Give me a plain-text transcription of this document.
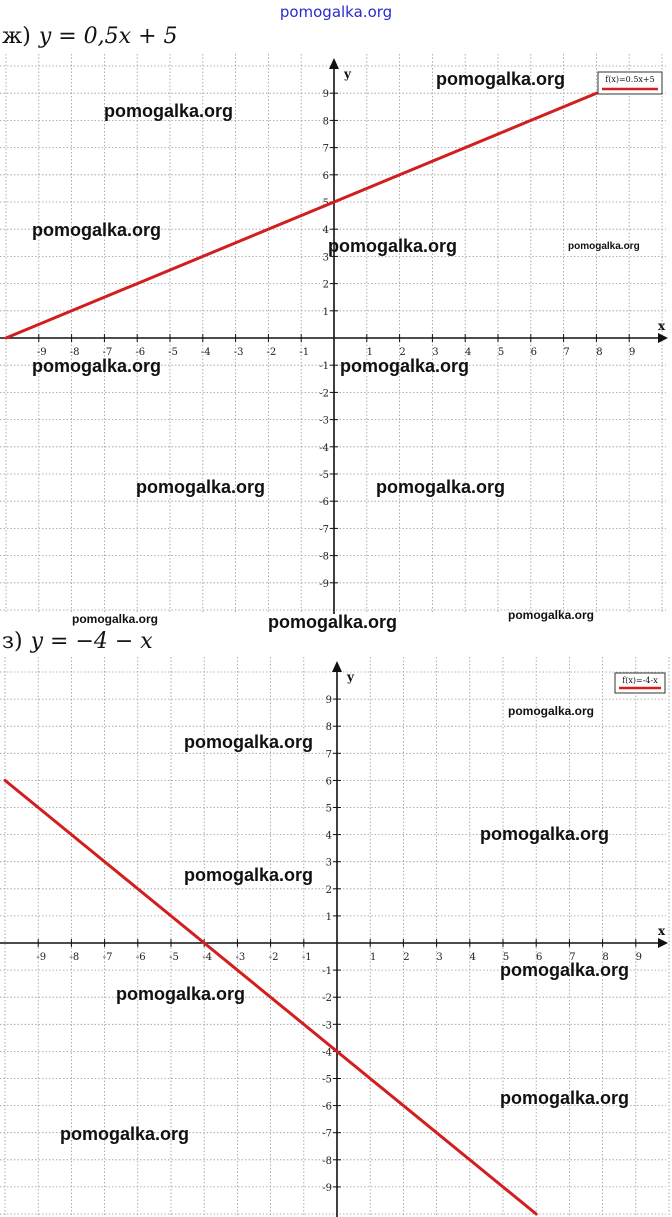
pomogalka.org
ж) y = 0,5x + 5
з) y = −4 − x
-9 -8 -7 -6 -5 -4 -3 -2 -1	1	2	3	4	5	6	7	8	9
-9
-8
-7
-6
-5
-4
-3
-2
-1
1
2
3
4
5
6
7
8
9
x
y	f(x)=0.5x+5
-9 -8 -7 -6 -5 -4 -3 -2 -1	1	2	3	4	5	6	7	8	9
-9
-8
-7
-6
-5
-4
-3
-2
-1
1
2
3
4
5
6
7
8
9
x
y	f(x)=-4-x
pomogalka.org
pomogalka.org
pomogalka.org
pomogalka.org	pomogalka.org
pomogalka.org	pomogalka.org
pomogalka.org	pomogalka.org
pomogalka.org	pomogalka.org	pomogalka.org
pomogalka.org
pomogalka.org
pomogalka.org
pomogalka.org
pomogalka.org
pomogalka.org
pomogalka.org
pomogalka.org
